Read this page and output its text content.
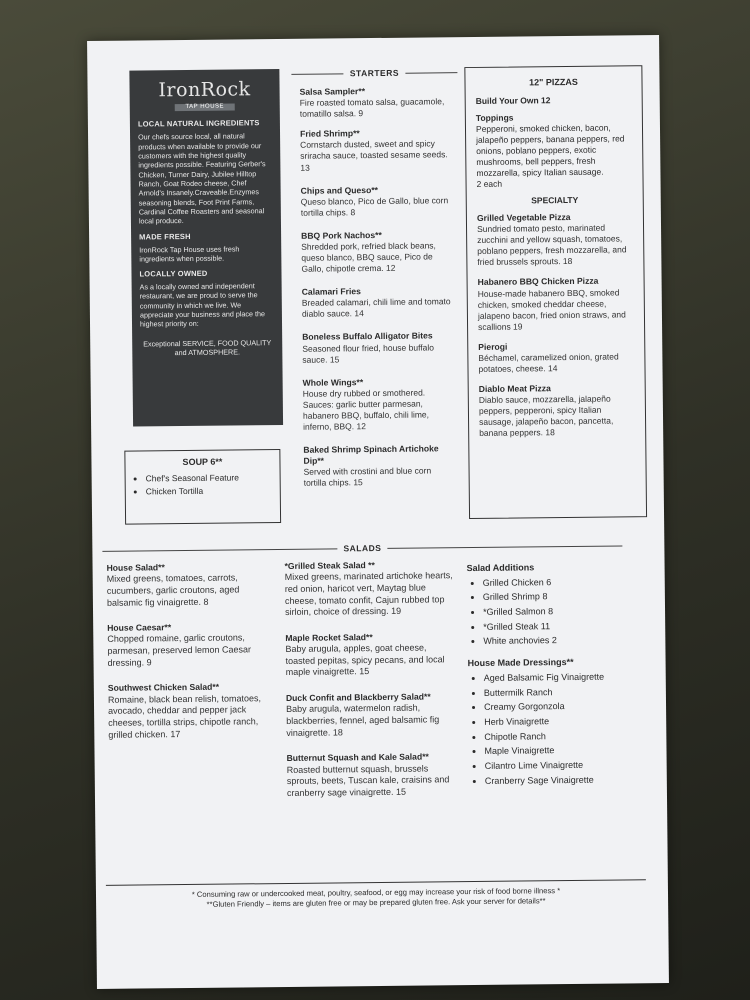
IronRock
TAP HOUSE
LOCAL NATURAL INGREDIENTS

Our chefs source local, all natural products when available to provide our customers with the highest quality ingredients possible. Featuring Gerber's Chicken, Turner Dairy, Jubilee Hilltop Ranch, Goat Rodeo cheese, Chef Arnold's Insanely.Craveable.Enzymes seasoning blends, Foot Print Farms, Cardinal Coffee Roasters and seasonal local produce.

MADE FRESH

IronRock Tap House uses fresh ingredients when possible.

LOCALLY OWNED

As a locally owned and independent restaurant, we are proud to serve the community in which we live. We appreciate your business and place the highest priority on:

Exceptional SERVICE, FOOD QUALITY and ATMOSPHERE.

SOUP 6**
• Chef's Seasonal Feature
• Chicken Tortilla
STARTERS
Salsa Sampler**
Fire roasted tomato salsa, guacamole, tomatillo salsa. 9
Fried Shrimp**
Cornstarch dusted, sweet and spicy sriracha sauce, toasted sesame seeds. 13
Chips and Queso**
Queso blanco, Pico de Gallo, blue corn tortilla chips. 8
BBQ Pork Nachos**
Shredded pork, refried black beans, queso blanco, BBQ sauce, Pico de Gallo, chipotle crema. 12
Calamari Fries
Breaded calamari, chili lime and tomato diablo sauce. 14
Boneless Buffalo Alligator Bites
Seasoned flour fried, house buffalo sauce. 15
Whole Wings**
House dry rubbed or smothered. Sauces: garlic butter parmesan, habanero BBQ, buffalo, chili lime, inferno, BBQ. 12
Baked Shrimp Spinach Artichoke Dip**
Served with crostini and blue corn tortilla chips. 15
12" PIZZAS
Build Your Own 12
Toppings
Pepperoni, smoked chicken, bacon, jalapeño peppers, banana peppers, red onions, poblano peppers, exotic mushrooms, bell peppers, fresh mozzarella, spicy Italian sausage.
2 each
SPECIALTY
Grilled Vegetable Pizza
Sundried tomato pesto, marinated zucchini and yellow squash, tomatoes, poblano peppers, fresh mozzarella, and fried brussels sprouts. 18
Habanero BBQ Chicken Pizza
House-made habanero BBQ, smoked chicken, smoked cheddar cheese, jalapeno bacon, fried onion straws, and scallions 19
Pierogi
Béchamel, caramelized onion, grated potatoes, cheese. 14
Diablo Meat Pizza
Diablo sauce, mozzarella, jalapeño peppers, pepperoni, spicy Italian sausage, jalapeño bacon, pancetta, banana peppers. 18
SALADS
House Salad**
Mixed greens, tomatoes, carrots, cucumbers, garlic croutons, aged balsamic fig vinaigrette. 8
House Caesar**
Chopped romaine, garlic croutons, parmesan, preserved lemon Caesar dressing. 9
Southwest Chicken Salad**
Romaine, black bean relish, tomatoes, avocado, cheddar and pepper jack cheeses, tortilla strips, chipotle ranch, grilled chicken. 17
*Grilled Steak Salad **
Mixed greens, marinated artichoke hearts, red onion, haricot vert, Maytag blue cheese, tomato confit, Cajun rubbed top sirloin, choice of dressing. 19
Maple Rocket Salad**
Baby arugula, apples, goat cheese, toasted pepitas, spicy pecans, and local maple vinaigrette. 15
Duck Confit and Blackberry Salad**
Baby arugula, watermelon radish, blackberries, fennel, aged balsamic fig vinaigrette. 18
Butternut Squash and Kale Salad**
Roasted butternut squash, brussels sprouts, beets, Tuscan kale, craisins and cranberry sage vinaigrette. 15
Salad Additions
• Grilled Chicken 6
• Grilled Shrimp 8
• *Grilled Salmon 8
• *Grilled Steak 11
• White anchovies 2
House Made Dressings**
• Aged Balsamic Fig Vinaigrette
• Buttermilk Ranch
• Creamy Gorgonzola
• Herb Vinaigrette
• Chipotle Ranch
• Maple Vinaigrette
• Cilantro Lime Vinaigrette
• Cranberry Sage Vinaigrette
* Consuming raw or undercooked meat, poultry, seafood, or egg may increase your risk of food borne illness *
**Gluten Friendly – items are gluten free or may be prepared gluten free. Ask your server for details**
